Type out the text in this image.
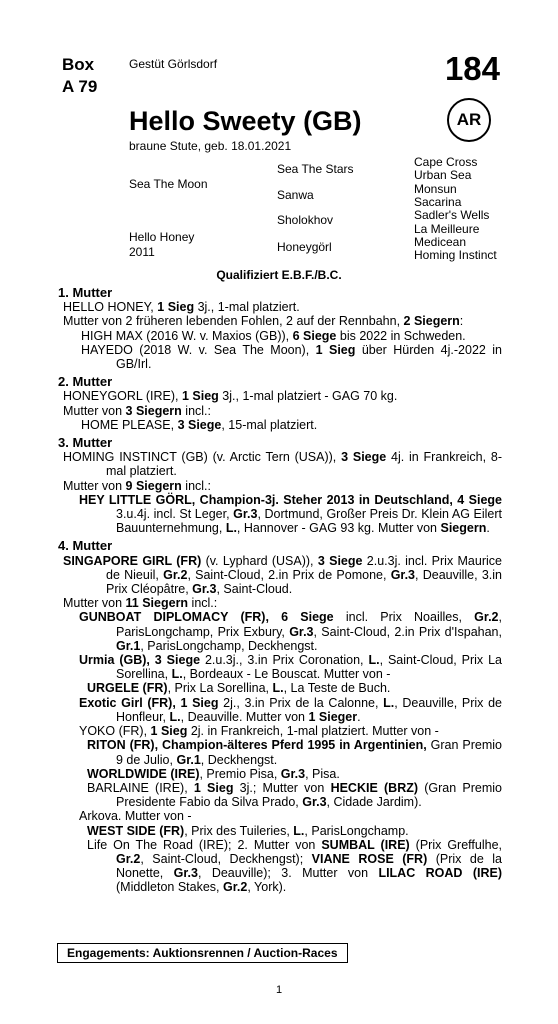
Box
A 79
Gestüt Görlsdorf	184
Hello Sweety (GB)	AR
braune Stute, geb. 18.01.2021
Sea The Moon
Hello Honey
2011
Sea The Stars
Sanwa
Sholokhov
Honeygörl
Cape Cross
Urban Sea
Monsun
Sacarina
Sadler's Wells
La Meilleure
Medicean
Homing Instinct
Qualifiziert E.B.F./B.C.

1. Mutter

HELLO HONEY, 1 Sieg 3j., 1-mal platziert.

Mutter von 2 früheren lebenden Fohlen, 2 auf der Rennbahn, 2 Siegern:

HIGH MAX (2016 W. v. Maxios (GB)), 6 Siege bis 2022 in Schweden.

HAYEDO (2018 W. v. Sea The Moon), 1 Sieg über Hürden 4j.-2022 in GB/Irl.

2. Mutter

HONEYGORL (IRE), 1 Sieg 3j., 1-mal platziert - GAG 70 kg.

Mutter von 3 Siegern incl.:

HOME PLEASE, 3 Siege, 15-mal platziert.

3. Mutter

HOMING INSTINCT (GB) (v. Arctic Tern (USA)), 3 Siege 4j. in Frankreich, 8-mal platziert.

Mutter von 9 Siegern incl.:

HEY LITTLE GÖRL, Champion-3j. Steher 2013 in Deutschland, 4 Siege 3.u.4j. incl. St Leger, Gr.3, Dortmund, Großer Preis Dr. Klein AG Eilert Bauunternehmung, L., Hannover - GAG 93 kg. Mutter von Siegern.

4. Mutter

SINGAPORE GIRL (FR) (v. Lyphard (USA)), 3 Siege 2.u.3j. incl. Prix Maurice de Nieuil, Gr.2, Saint-Cloud, 2.in Prix de Pomone, Gr.3, Deauville, 3.in Prix Cléopâtre, Gr.3, Saint-Cloud.

Mutter von 11 Siegern incl.:

GUNBOAT DIPLOMACY (FR), 6 Siege incl. Prix Noailles, Gr.2, ParisLongchamp, Prix Exbury, Gr.3, Saint-Cloud, 2.in Prix d'Ispahan, Gr.1, ParisLongchamp, Deckhengst.

Urmia (GB), 3 Siege 2.u.3j., 3.in Prix Coronation, L., Saint-Cloud, Prix La Sorellina, L., Bordeaux - Le Bouscat. Mutter von -

URGELE (FR), Prix La Sorellina, L., La Teste de Buch.

Exotic Girl (FR), 1 Sieg 2j., 3.in Prix de la Calonne, L., Deauville, Prix de Honfleur, L., Deauville. Mutter von 1 Sieger.

YOKO (FR), 1 Sieg 2j. in Frankreich, 1-mal platziert. Mutter von -

RITON (FR), Champion-älteres Pferd 1995 in Argentinien, Gran Premio 9 de Julio, Gr.1, Deckhengst.

WORLDWIDE (IRE), Premio Pisa, Gr.3, Pisa.

BARLAINE (IRE), 1 Sieg 3j.; Mutter von HECKIE (BRZ) (Gran Premio Presidente Fabio da Silva Prado, Gr.3, Cidade Jardim).

Arkova. Mutter von -

WEST SIDE (FR), Prix des Tuileries, L., ParisLongchamp.

Life On The Road (IRE); 2. Mutter von SUMBAL (IRE) (Prix Greffulhe, Gr.2, Saint-Cloud, Deckhengst); VIANE ROSE (FR) (Prix de la Nonette, Gr.3, Deauville); 3. Mutter von LILAC ROAD (IRE) (Middleton Stakes, Gr.2, York).

Engagements: Auktionsrennen / Auction-Races
1
